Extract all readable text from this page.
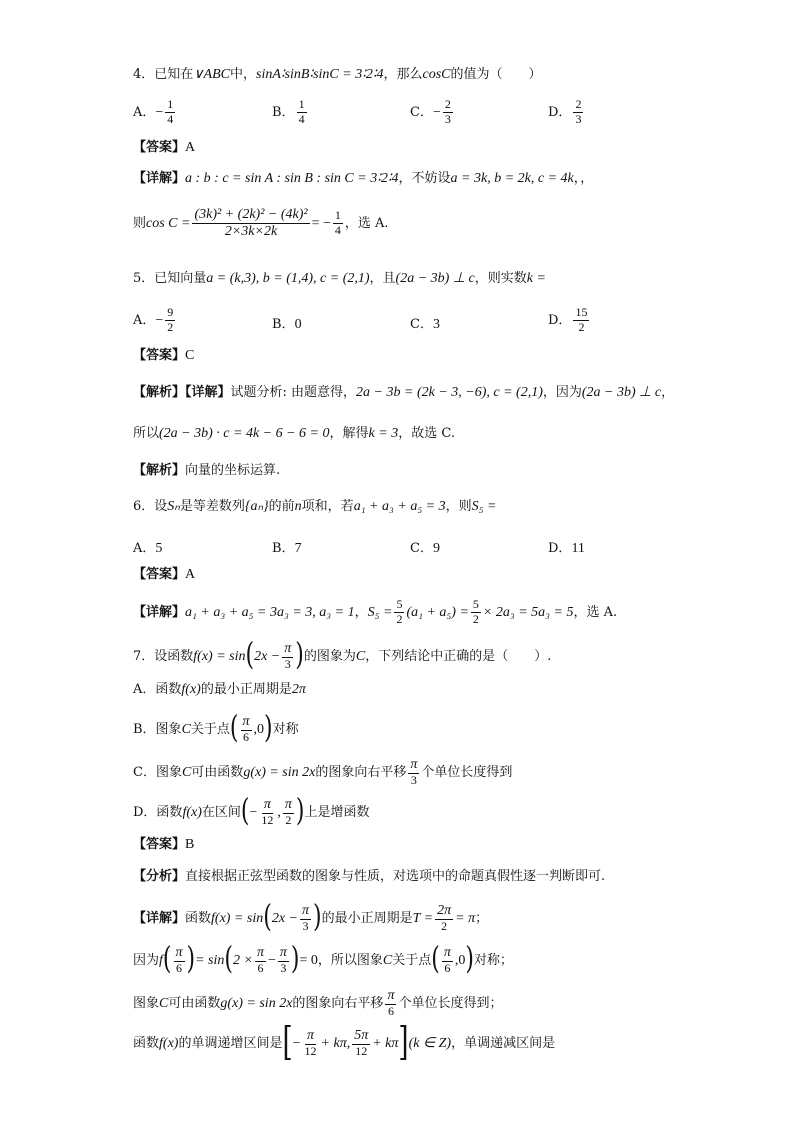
4．已知在∨ABC中，sinA∶sinB∶sinC = 3∶2∶4，那么cosC的值为（　　）
A．− $\frac{1}{4}$	B． $\frac{1}{4}$	C．− $\frac{2}{3}$	D． $\frac{2}{3}$
【答案】A
【详解】a : b : c = sin A : sin B : sin C = 3∶2∶4，不妨设a = 3k, b = 2k, c = 4k，，
则$\cos C = \frac{\text{(3k)² + (2k)² − (4k)²}}{2\times 3k\times 2k}$ = − $\frac{1}{4}$ ，选 A.
5．已知向量a = (k,3), b = (1,4), c = (2,1)，且(2a − 3b) ⊥ c，则实数k =
A．− $\frac{9}{2}$	B．0	C．3	D． $\frac{15}{2}$
【答案】C
【解析】【详解】试题分析: 由题意得，2a − 3b = (2k − 3, −6), c = (2,1)，因为(2a − 3b) ⊥ c，
所以(2a − 3b) · c = 4k − 6 − 6 = 0，解得k = 3，故选 C.
【解析】向量的坐标运算.
6．设Sₙ是等差数列{aₙ}的前n项和，若a₁ + a₃ + a₅ = 3，则S₅ =
A．5	B．7	C．9	D．11
【答案】A
【详解】a₁ + a₃ + a₅ = 3a₃ = 3, a₃ = 1，$S_5 = \frac{5}{2} (a_1 + a_5) = \frac{5}{2} \times 2a_3 = 5a_3 = 5$，选 A.
7．设函数$f(x) = \sin(2x - \frac{\pi}{3}$ )的图象为C，下列结论中正确的是（　　）.
A．函数f(x)的最小正周期是2π
B．图象C关于点( $\frac{\pi}{6} ,0$)对称
C．图象C可由函数g(x) = sin 2x的图象向右平移 $\frac{\pi}{3}$ 个单位长度得到
D．函数f(x)在区间(− $\frac{\pi}{12}$ , $\frac{\pi}{2}$ )上是增函数
【答案】B
【分析】直接根据正弦型函数的图象与性质，对选项中的命题真假性逐一判断即可.
【详解】函数$f(x) = \sin(2x - \frac{\pi}{3}$ )的最小正周期是$T = \frac{2\pi}{2} = \pi$；
因为$f( \frac{\pi}{6}$ )= $\sin(2 \times \frac{\pi}{6} - \frac{\pi}{3}$ )= 0，所以图象C关于点( $\frac{\pi}{6} ,0$)对称；
图象C可由函数g(x) = sin 2x的图象向右平移 $\frac{\pi}{6}$ 个单位长度得到；
函数f(x)的单调递增区间是[− $\frac{\pi}{12} + k\pi$, $\frac{5\pi}{12} + k\pi](k$ ∈ Z)，单调递减区间是
